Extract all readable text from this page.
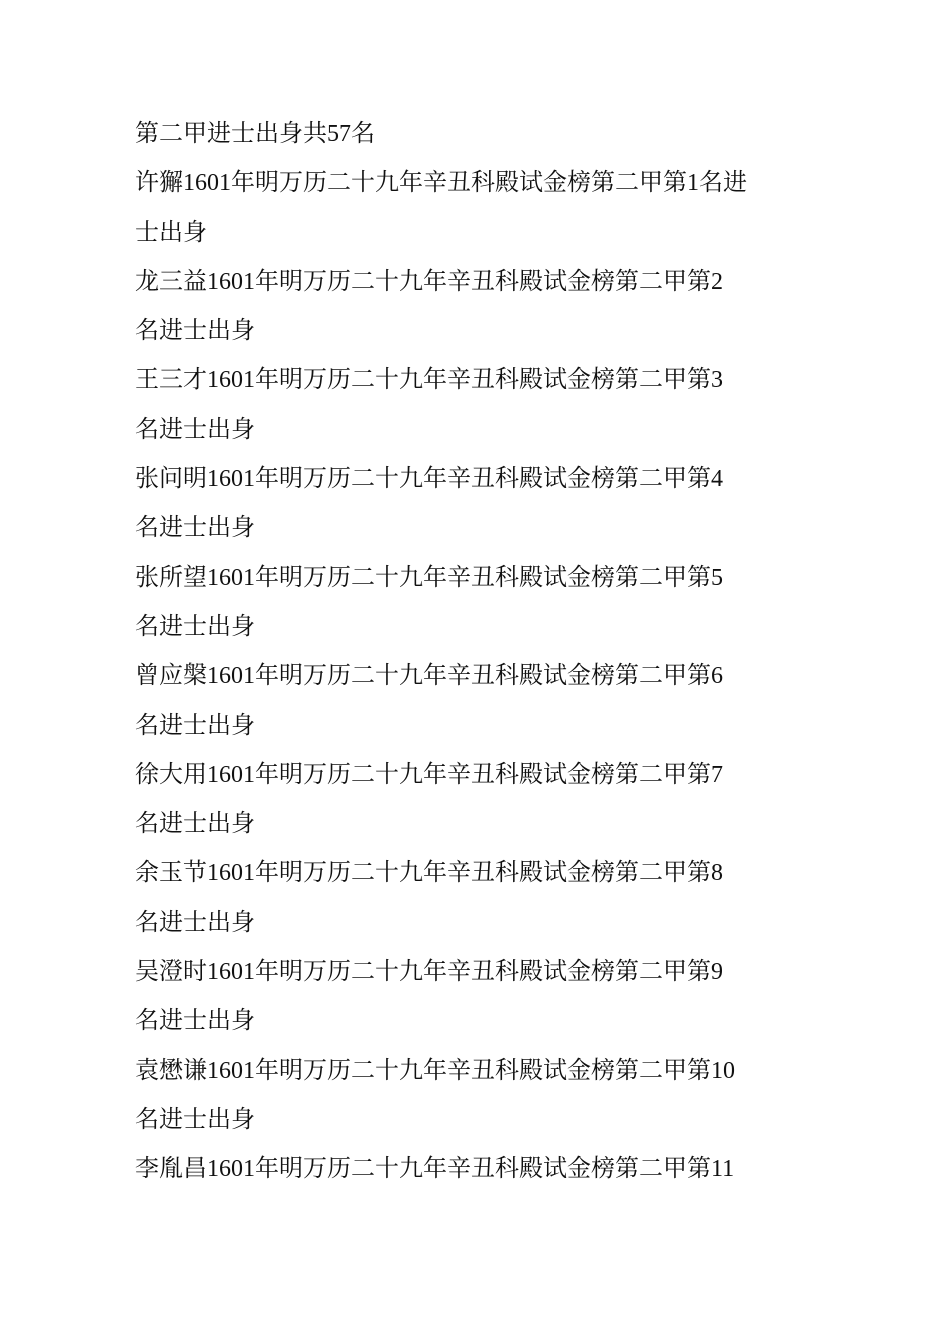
第二甲进士出身共57名
许獬1601年明万历二十九年辛丑科殿试金榜第二甲第1名进
士出身
龙三益1601年明万历二十九年辛丑科殿试金榜第二甲第2
名进士出身
王三才1601年明万历二十九年辛丑科殿试金榜第二甲第3
名进士出身
张问明1601年明万历二十九年辛丑科殿试金榜第二甲第4
名进士出身
张所望1601年明万历二十九年辛丑科殿试金榜第二甲第5
名进士出身
曾应槃1601年明万历二十九年辛丑科殿试金榜第二甲第6
名进士出身
徐大用1601年明万历二十九年辛丑科殿试金榜第二甲第7
名进士出身
余玉节1601年明万历二十九年辛丑科殿试金榜第二甲第8
名进士出身
吴澄时1601年明万历二十九年辛丑科殿试金榜第二甲第9
名进士出身
袁懋谦1601年明万历二十九年辛丑科殿试金榜第二甲第10
名进士出身
李胤昌1601年明万历二十九年辛丑科殿试金榜第二甲第11
